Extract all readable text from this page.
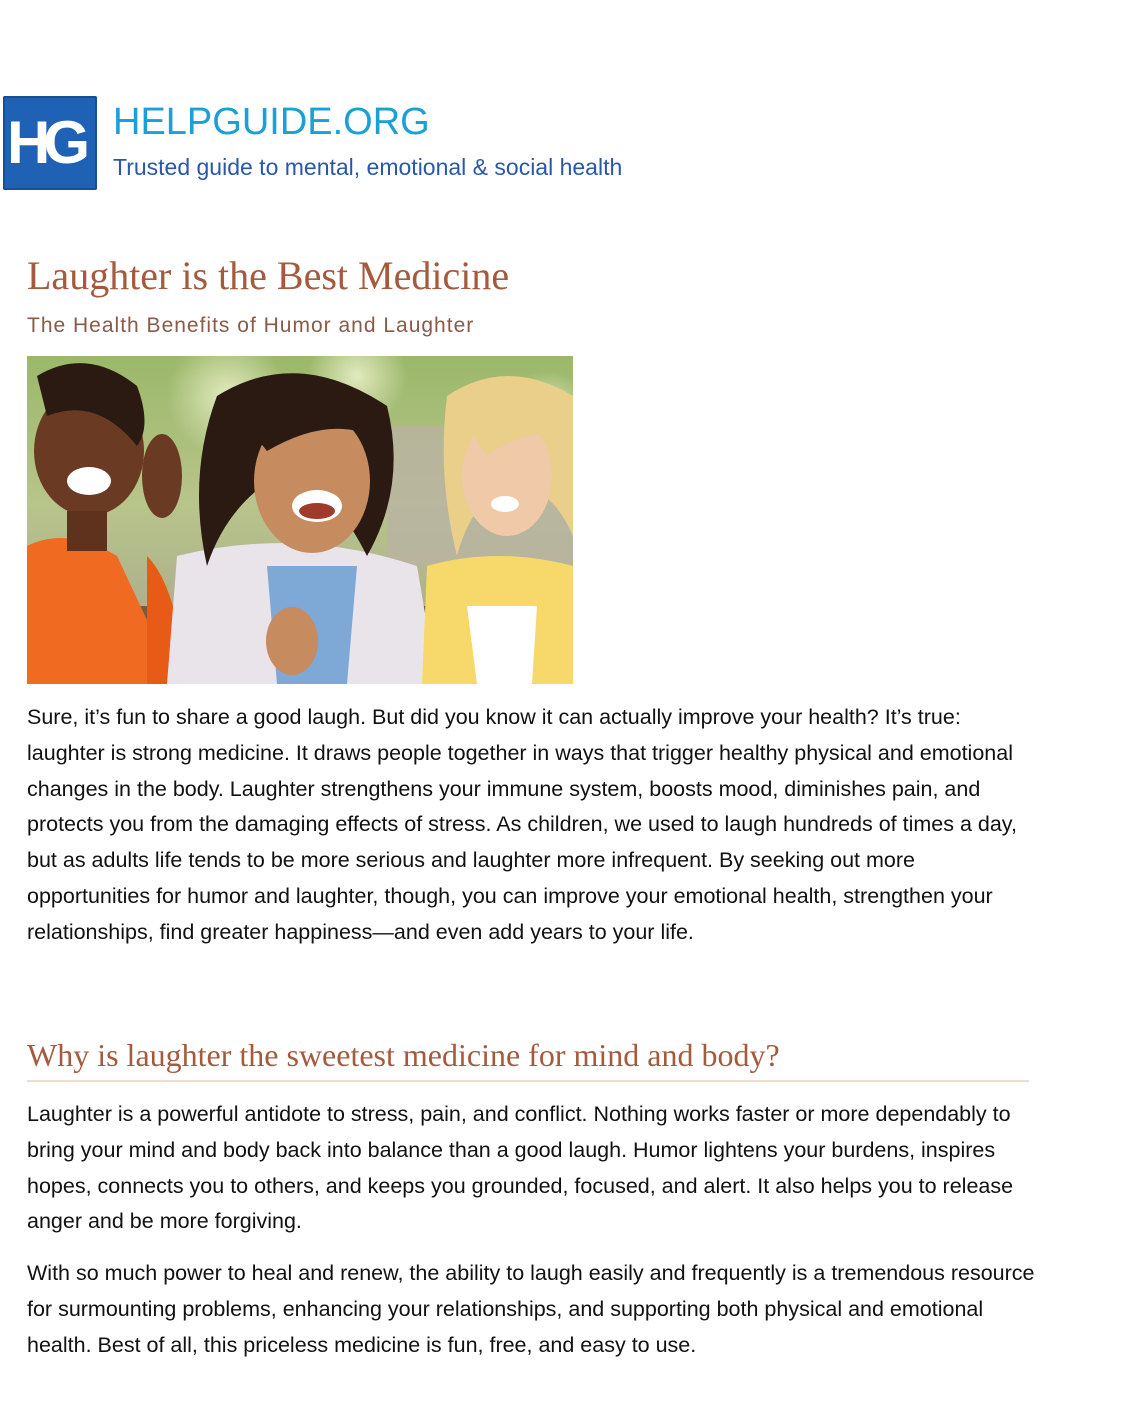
HG HELPGUIDE.ORG
Trusted guide to mental, emotional & social health
Laughter is the Best Medicine
The Health Benefits of Humor and Laughter

Sure, it’s fun to share a good laugh. But did you know it can actually improve your health? It’s true: laughter is strong medicine. It draws people together in ways that trigger healthy physical and emotional changes in the body. Laughter strengthens your immune system, boosts mood, diminishes pain, and protects you from the damaging effects of stress. As children, we used to laugh hundreds of times a day, but as adults life tends to be more serious and laughter more infrequent. By seeking out more opportunities for humor and laughter, though, you can improve your emotional health, strengthen your relationships, find greater happiness—and even add years to your life.

Why is laughter the sweetest medicine for mind and body?

Laughter is a powerful antidote to stress, pain, and conflict. Nothing works faster or more dependably to bring your mind and body back into balance than a good laugh. Humor lightens your burdens, inspires hopes, connects you to others, and keeps you grounded, focused, and alert. It also helps you to release anger and be more forgiving.

With so much power to heal and renew, the ability to laugh easily and frequently is a tremendous resource for surmounting problems, enhancing your relationships, and supporting both physical and emotional health. Best of all, this priceless medicine is fun, free, and easy to use.
